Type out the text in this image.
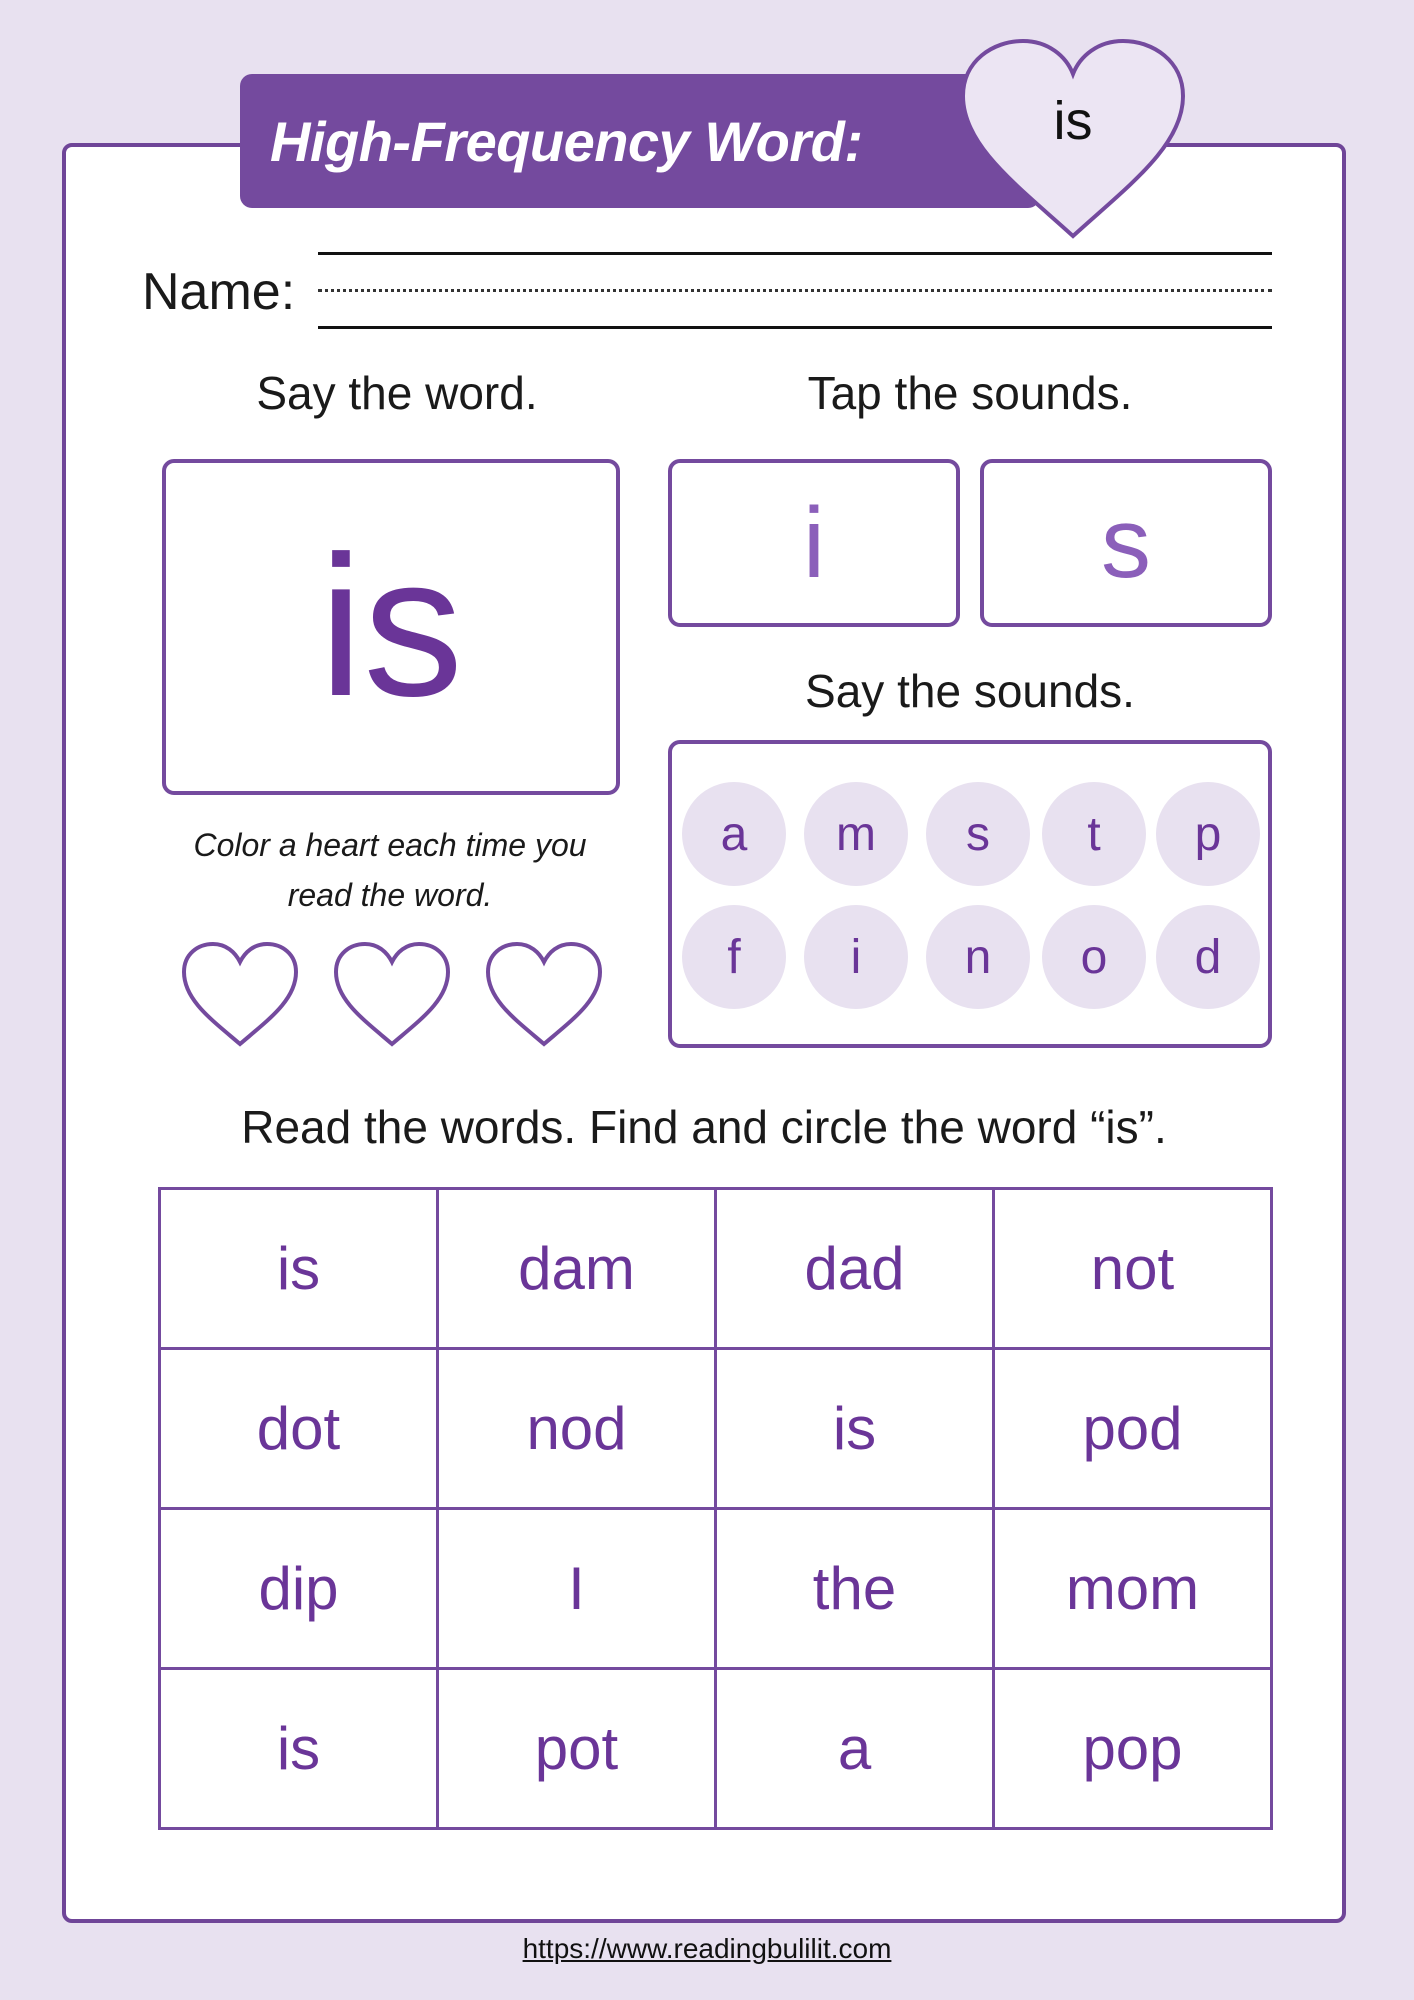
High-Frequency Word:	is
Name:
Say the word.	Tap the sounds.
is	i	s
Say the sounds.
Color a heart each time you
read the word.
a	m	s	t	p
f	i	n	o	d
Read the words. Find and circle the word “is”.
is	dam	dad	not
dot	nod	is	pod
dip	I	the	mom
is	pot	a	pop
https://www.readingbulilit.com
